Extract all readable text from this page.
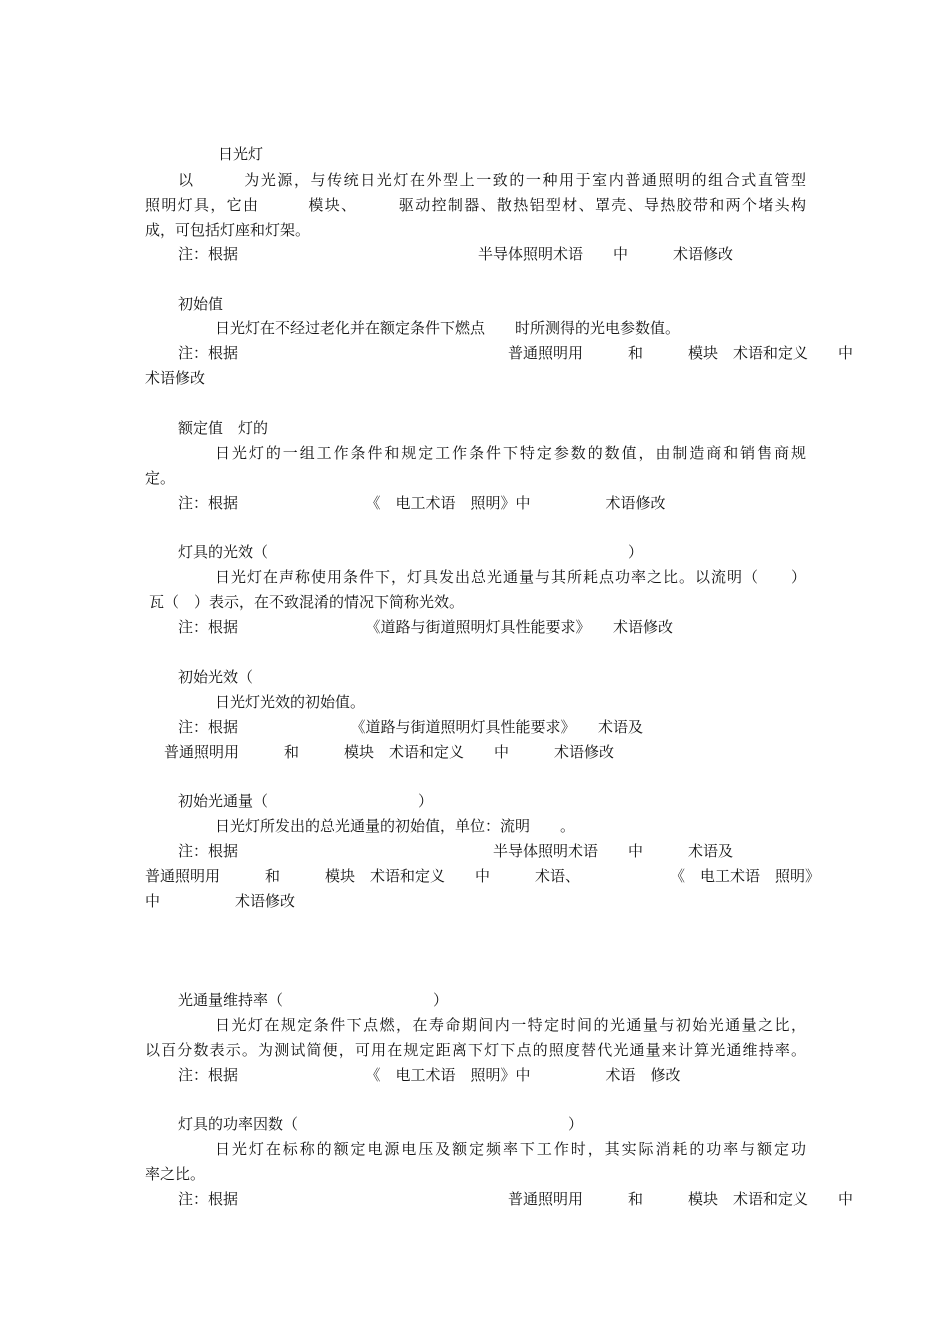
日光灯
以　　　为光源，与传统日光灯在外型上一致的一种用于室内普通照明的组合式直管型
照明灯具，它由　　　模块、　　　驱动控制器、散热铝型材、罩壳、导热胶带和两个堵头构
成，可包括灯座和灯架。
注：根据　　　　　　　　　　　　　　　　半导体照明术语　　中　　　术语修改
初始值
日光灯在不经过老化并在额定条件下燃点　　时所测得的光电参数值。
注：根据　　　　　　　　　　　　　　　　　　普通照明用　　　和　　　模块　术语和定义　　中
术语修改
额定值　灯的
日光灯的一组工作条件和规定工作条件下特定参数的数值，由制造商和销售商规
定。
注：根据　　　　　　　　　《　电工术语　照明》中　　　　　术语修改
灯具的光效（　　　　　　　　　　　　　　　　　　　　　　　　）
日光灯在声称使用条件下，灯具发出总光通量与其所耗点功率之比。以流明（　　）
瓦（　）表示，在不致混淆的情况下简称光效。
注：根据　　　　　　　　　《道路与街道照明灯具性能要求》　　术语修改
初始光效（
日光灯光效的初始值。
注：根据　　　　　　　　《道路与街道照明灯具性能要求》　　术语及
普通照明用　　　和　　　模块　术语和定义　　中　　　术语修改
初始光通量（　　　　　　　　　　）
日光灯所发出的总光通量的初始值，单位：流明　　。
注：根据　　　　　　　　　　　　　　　　　半导体照明术语　　中　　　术语及
普通照明用　　　和　　　模块　术语和定义　　中　　　术语、　　　　　　　《　电工术语　照明》
中　　　　　术语修改
光通量维持率（　　　　　　　　　　）
日光灯在规定条件下点燃，在寿命期间内一特定时间的光通量与初始光通量之比，
以百分数表示。为测试简便，可用在规定距离下灯下点的照度替代光通量来计算光通维持率。
注：根据　　　　　　　　　《　电工术语　照明》中　　　　　术语　修改
灯具的功率因数（　　　　　　　　　　　　　　　　　　）
日光灯在标称的额定电源电压及额定频率下工作时，其实际消耗的功率与额定功
率之比。
注：根据　　　　　　　　　　　　　　　　　　普通照明用　　　和　　　模块　术语和定义　　中
